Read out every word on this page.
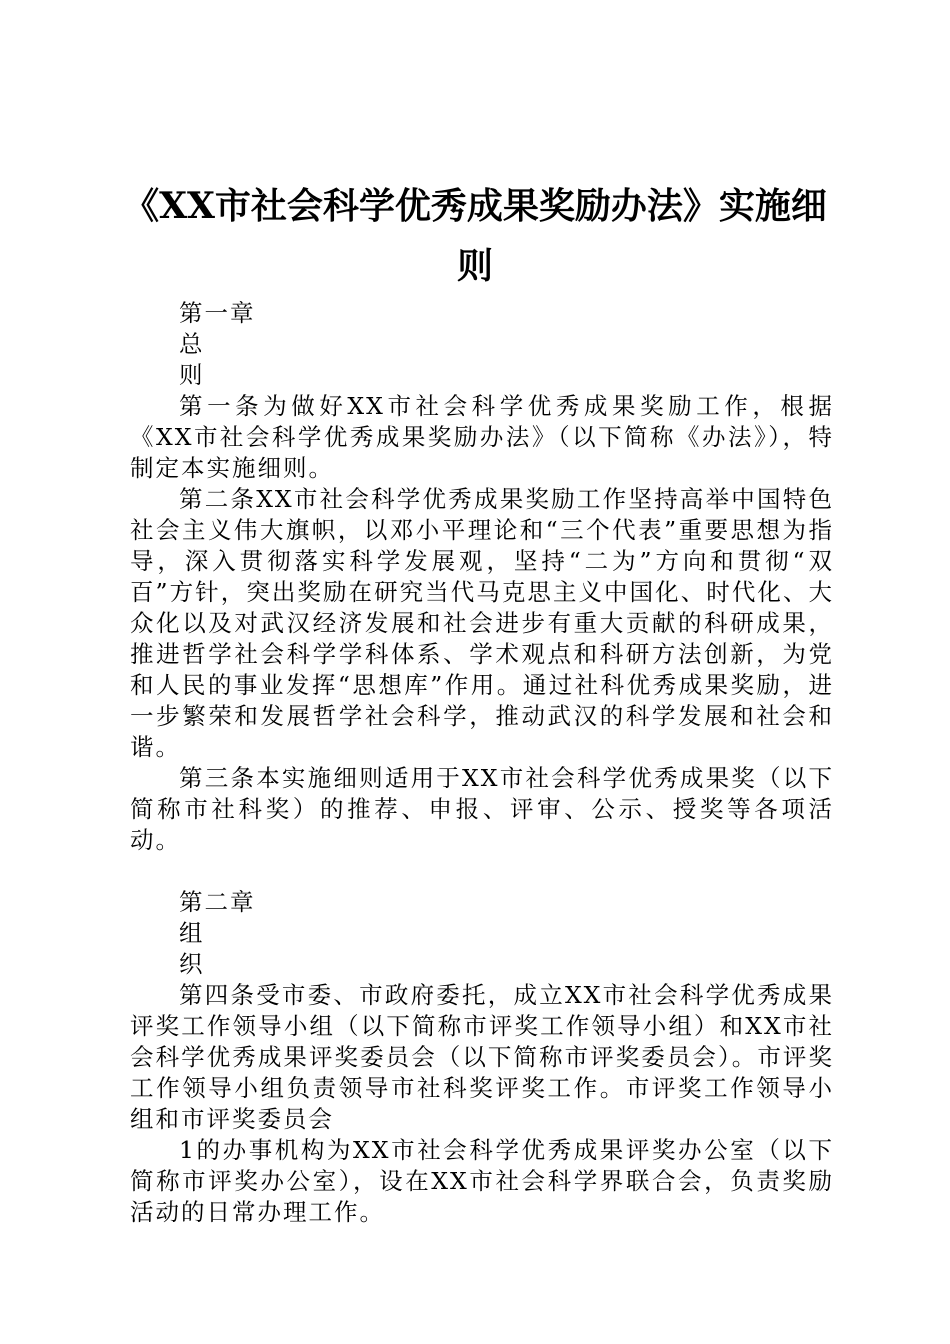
《XX市社会科学优秀成果奖励办法》实施细
则

第一章

总

则

第一条为做好XX市社会科学优秀成果奖励工作，根据《XX市社会科学优秀成果奖励办法》（以下简称《办法》），特制定本实施细则。

第二条XX市社会科学优秀成果奖励工作坚持高举中国特色社会主义伟大旗帜，以邓小平理论和“三个代表”重要思想为指导，深入贯彻落实科学发展观，坚持“二为”方向和贯彻“双百”方针，突出奖励在研究当代马克思主义中国化、时代化、大众化以及对武汉经济发展和社会进步有重大贡献的科研成果，推进哲学社会科学学科体系、学术观点和科研方法创新，为党和人民的事业发挥“思想库”作用。通过社科优秀成果奖励，进一步繁荣和发展哲学社会科学，推动武汉的科学发展和社会和谐。

第三条本实施细则适用于XX市社会科学优秀成果奖（以下简称市社科奖）的推荐、申报、评审、公示、授奖等各项活动。

第二章

组

织

第四条受市委、市政府委托，成立XX市社会科学优秀成果评奖工作领导小组（以下简称市评奖工作领导小组）和XX市社会科学优秀成果评奖委员会（以下简称市评奖委员会）。市评奖工作领导小组负责领导市社科奖评奖工作。市评奖工作领导小组和市评奖委员会

1的办事机构为XX市社会科学优秀成果评奖办公室（以下简称市评奖办公室），设在XX市社会科学界联合会，负责奖励活动的日常办理工作。
